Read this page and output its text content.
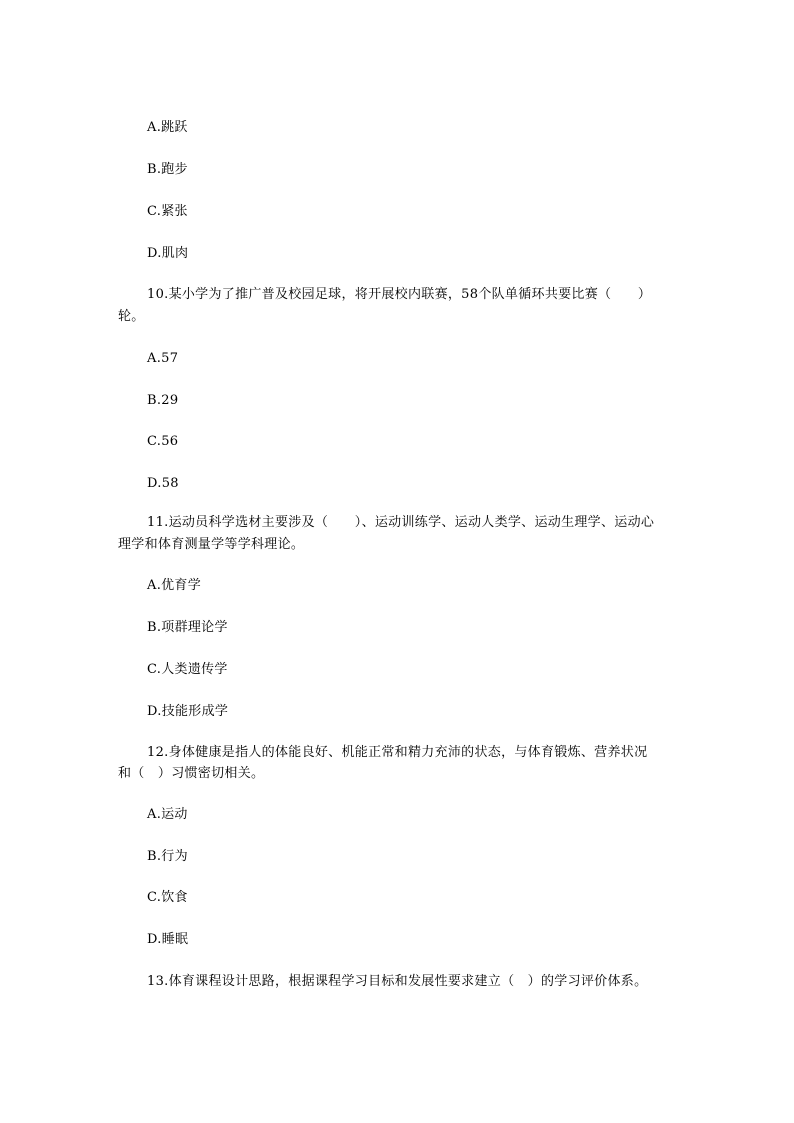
A.跳跃
B.跑步
C.紧张
D.肌肉
10.某小学为了推广普及校园足球，将开展校内联赛，58个队单循环共要比赛（　　）
轮。
A.57
B.29
C.56
D.58
11.运动员科学选材主要涉及（　　）、运动训练学、运动人类学、运动生理学、运动心
理学和体育测量学等学科理论。
A.优育学
B.项群理论学
C.人类遗传学
D.技能形成学
12.身体健康是指人的体能良好、机能正常和精力充沛的状态，与体育锻炼、营养状况
和（　）习惯密切相关。
A.运动
B.行为
C.饮食
D.睡眠
13.体育课程设计思路，根据课程学习目标和发展性要求建立（　）的学习评价体系。
